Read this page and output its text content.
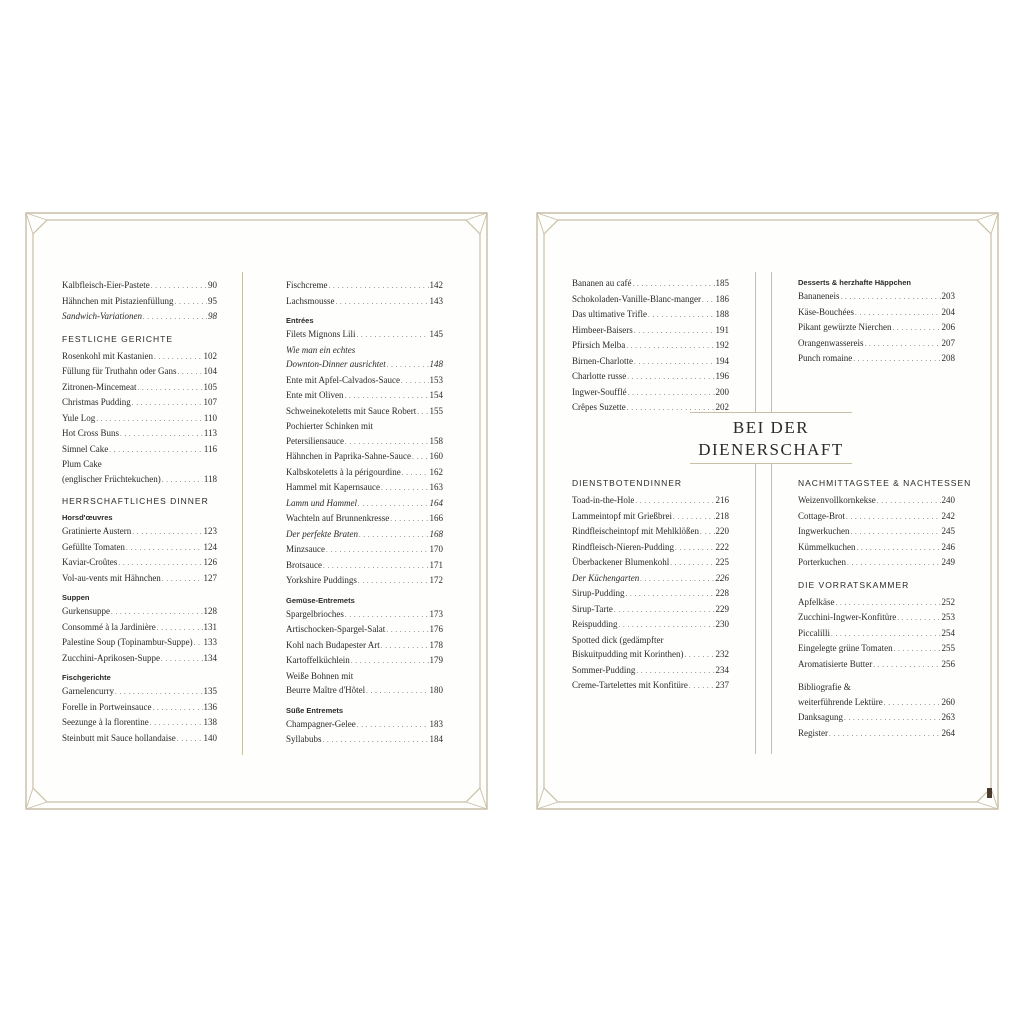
Kalbfleisch-Eier-Pastete . . .	90
Hähnchen mit Pistazienfüllung . . .	95
Sandwich-Variationen . . .	98
FESTLICHE GERICHTE
Rosenkohl mit Kastanien . . .	102
Füllung für Truthahn oder Gans . . .	104
Zitronen-Mincemeat . . .	105
Christmas Pudding . . .	107
Yule Log . . .	110
Hot Cross Buns . . .	113
Simnel Cake . . .	116
Plum Cake
(englischer Früchtekuchen) . . .	118
HERRSCHAFTLICHES DINNER
Horsd'œuvres
Gratinierte Austern . . .	123
Gefüllte Tomaten . . .	124
Kaviar-Croûtes . . .	126
Vol-au-vents mit Hähnchen . . .	127
Suppen
Gurkensuppe . . .	128
Consommé à la Jardinière . . .	131
Palestine Soup (Topinambur-Suppe) . . . 133
Zucchini-Aprikosen-Suppe . . .	134
Fischgerichte
Garnelencurry . . .	135
Forelle in Portweinsauce . . .	136
Seezunge à la florentine . . .	138
Steinbutt mit Sauce hollandaise . . .	140
Fischcreme . . .	142
Lachsmousse . . .	143
Entrées
Filets Mignons Lili . . .	145
Wie man ein echtes
Downton-Dinner ausrichtet . . .	148
Ente mit Apfel-Calvados-Sauce . . .	153
Ente mit Oliven . . .	154
Schweinekoteletts mit Sauce Robert . . . 155
Pochierter Schinken mit
Petersiliensauce . . .	158
Hähnchen in Paprika-Sahne-Sauce . . . 160
Kalbskoteletts à la périgourdine . . .	162
Hammel mit Kapernsauce . . .	163
Lamm und Hammel . . .	164
Wachteln auf Brunnenkresse . . .	166
Der perfekte Braten . . .	168
Minzsauce . . .	170
Brotsauce . . .	171
Yorkshire Puddings . . .	172
Gemüse-Entremets
Spargelbrioches . . .	173
Artischocken-Spargel-Salat . . .	176
Kohl nach Budapester Art . . .	178
Kartoffelküchlein . . .	179
Weiße Bohnen mit
Beurre Maître d'Hôtel . . .	180
Süße Entremets
Champagner-Gelee . . .	183
Syllabubs . . .	184
Bananen au café . . .	185
Schokoladen-Vanille-Blanc-manger . . . 186
Das ultimative Trifle . . .	188
Himbeer-Baisers . . .	191
Pfirsich Melba . . .	192
Birnen-Charlotte . . .	194
Charlotte russe . . .	196
Ingwer-Soufflé . . .	200
Crêpes Suzette . . .	202
Desserts & herzhafte Häppchen
Bananeneis . . .	203
Käse-Bouchées . . .	204
Pikant gewürzte Nierchen . . .	206
Orangenwassereis . . .	207
Punch romaine . . .	208
BEI DER
DIENERSCHAFT
DIENSTBOTENDINNER
Toad-in-the-Hole . . .	216
Lammeintopf mit Grießbrei . . .	218
Rindfleischeintopf mit Mehlklößen . . . 220
Rindfleisch-Nieren-Pudding . . .	222
Überbackener Blumenkohl . . .	225
Der Küchengarten . . .	226
Sirup-Pudding . . .	228
Sirup-Tarte . . .	229
Reispudding . . .	230
Spotted dick (gedämpfter
Biskuitpudding mit Korinthen) . . .	232
Sommer-Pudding . . .	234
Creme-Tartelettes mit Konfitüre . . .	237
NACHMITTAGSTEE & NACHTESSEN
Weizenvollkornkekse . . .	240
Cottage-Brot . . .	242
Ingwerkuchen . . .	245
Kümmelkuchen . . .	246
Porterkuchen . . .	249
DIE VORRATSKAMMER
Apfelkäse . . .	252
Zucchini-Ingwer-Konfitüre . . .	253
Piccalilli . . .	254
Eingelegte grüne Tomaten . . .	255
Aromatisierte Butter . . .	256
Bibliografie &
weiterführende Lektüre . . .	260
Danksagung . . .	263
Register . . .	264
